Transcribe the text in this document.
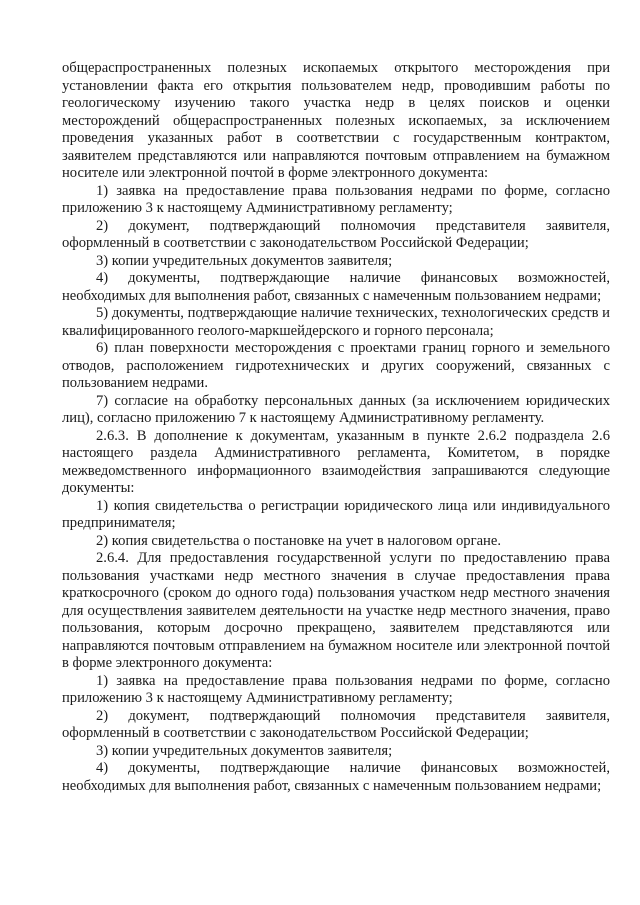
общераспространенных полезных ископаемых открытого месторождения при установлении факта его открытия пользователем недр, проводившим работы по геологическому изучению такого участка недр в целях поисков и оценки месторождений общераспространенных полезных ископаемых, за исключением проведения указанных работ в соответствии с государственным контрактом, заявителем представляются или направляются почтовым отправлением на бумажном носителе или электронной почтой в форме электронного документа:

1) заявка на предоставление права пользования недрами по форме, согласно приложению 3 к настоящему Административному регламенту;

2) документ, подтверждающий полномочия представителя заявителя, оформленный в соответствии с законодательством Российской Федерации;

3) копии учредительных документов заявителя;

4) документы, подтверждающие наличие финансовых возможностей, необходимых для выполнения работ, связанных с намеченным пользованием недрами;

5) документы, подтверждающие наличие технических, технологических средств и квалифицированного геолого-маркшейдерского и горного персонала;

6) план поверхности месторождения с проектами границ горного и земельного отводов, расположением гидротехнических и других сооружений, связанных с пользованием недрами.

7) согласие на обработку персональных данных (за исключением юридических лиц), согласно приложению 7 к настоящему Административному регламенту.

2.6.3. В дополнение к документам, указанным в пункте 2.6.2 подраздела 2.6 настоящего раздела Административного регламента, Комитетом, в порядке межведомственного информационного взаимодействия запрашиваются следующие документы:

1) копия свидетельства о регистрации юридического лица или индивидуального предпринимателя;

2) копия свидетельства о постановке на учет в налоговом органе.

2.6.4. Для предоставления государственной услуги по предоставлению права пользования участками недр местного значения в случае предоставления права краткосрочного (сроком до одного года) пользования участком недр местного значения для осуществления заявителем деятельности на участке недр местного значения, право пользования, которым досрочно прекращено, заявителем представляются или направляются почтовым отправлением на бумажном носителе или электронной почтой в форме электронного документа:

1) заявка на предоставление права пользования недрами по форме, согласно приложению 3 к настоящему Административному регламенту;

2) документ, подтверждающий полномочия представителя заявителя, оформленный в соответствии с законодательством Российской Федерации;

3) копии учредительных документов заявителя;

4) документы, подтверждающие наличие финансовых возможностей, необходимых для выполнения работ, связанных с намеченным пользованием недрами;
